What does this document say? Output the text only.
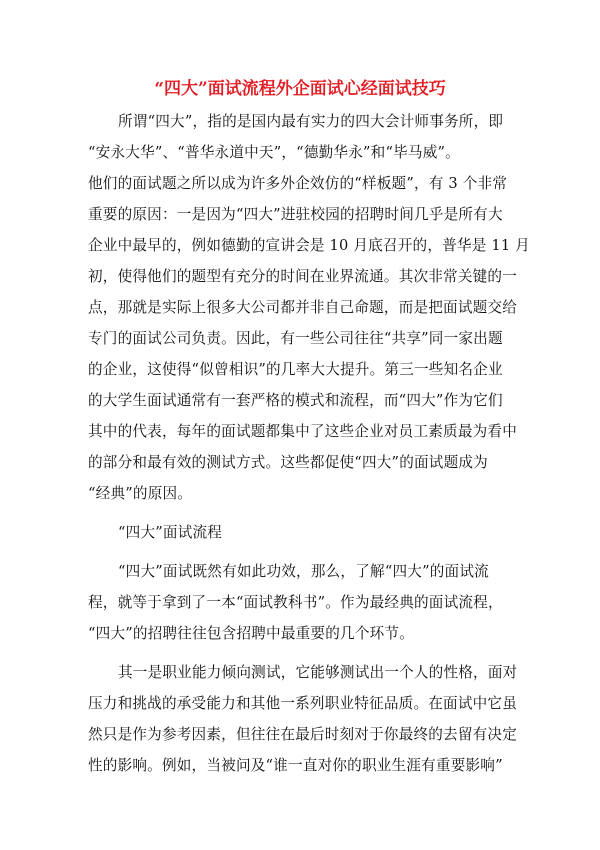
“四大”面试流程外企面试心经面试技巧

所谓“四大”，指的是国内最有实力的四大会计师事务所，即
“安永大华”、“普华永道中天”，“德勤华永”和“毕马威”。
他们的面试题之所以成为许多外企效仿的“样板题”，有 3 个非常
重要的原因：一是因为“四大”进驻校园的招聘时间几乎是所有大
企业中最早的，例如德勤的宣讲会是 10 月底召开的，普华是 11 月
初，使得他们的题型有充分的时间在业界流通。其次非常关键的一
点，那就是实际上很多大公司都并非自己命题，而是把面试题交给
专门的面试公司负责。因此，有一些公司往往“共享”同一家出题
的企业，这使得“似曾相识”的几率大大提升。第三一些知名企业
的大学生面试通常有一套严格的模式和流程，而“四大”作为它们
其中的代表，每年的面试题都集中了这些企业对员工素质最为看中
的部分和最有效的测试方式。这些都促使“四大”的面试题成为
“经典”的原因。

“四大”面试流程

“四大”面试既然有如此功效，那么，了解“四大”的面试流
程，就等于拿到了一本“面试教科书”。作为最经典的面试流程，
“四大”的招聘往往包含招聘中最重要的几个环节。

其一是职业能力倾向测试，它能够测试出一个人的性格，面对
压力和挑战的承受能力和其他一系列职业特征品质。在面试中它虽
然只是作为参考因素，但往往在最后时刻对于你最终的去留有决定
性的影响。例如，当被问及“谁一直对你的职业生涯有重要影响”
